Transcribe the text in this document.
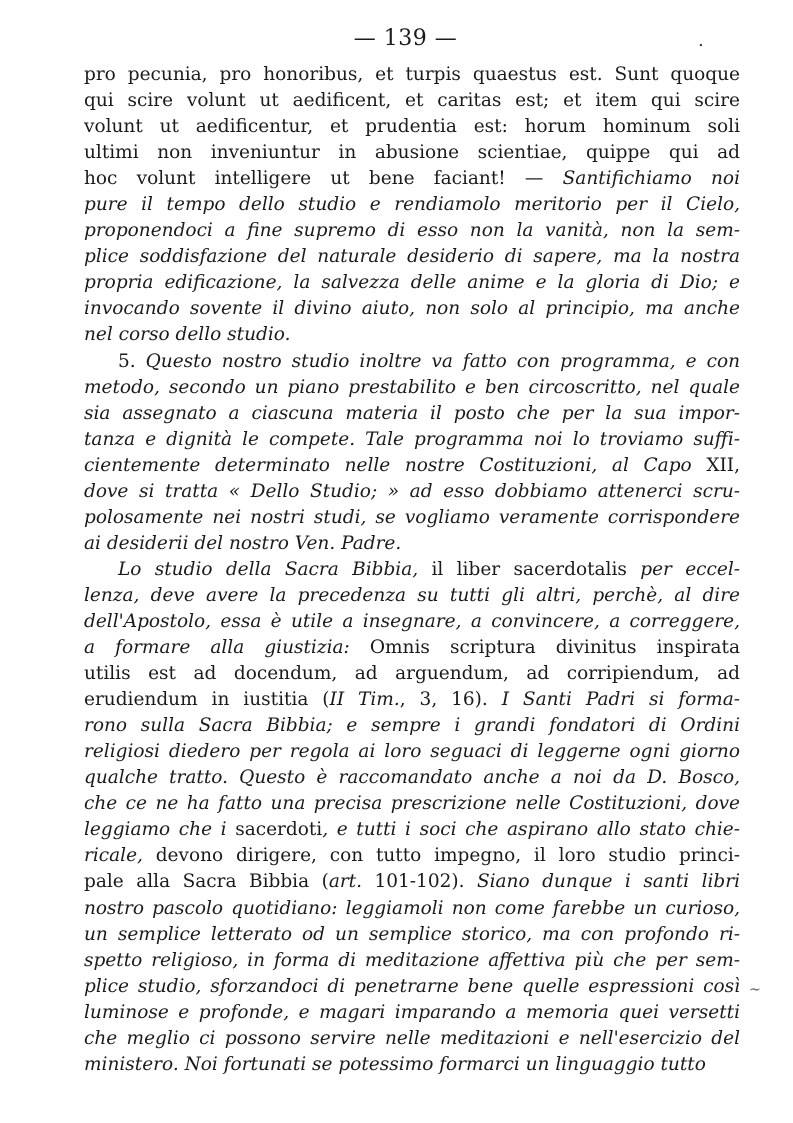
— 139 —	.
pro pecunia, pro honoribus, et turpis quaestus est. Sunt quoque
qui scire volunt ut aedificent, et caritas est; et item qui scire
volunt ut aedificentur, et prudentia est: horum hominum soli
ultimi non inveniuntur in abusione scientiae, quippe qui ad
hoc volunt intelligere ut bene faciant! — Santifichiamo noi
pure il tempo dello studio e rendiamolo meritorio per il Cielo,
proponendoci a fine supremo di esso non la vanità, non la sem-
plice soddisfazione del naturale desiderio di sapere, ma la nostra
propria edificazione, la salvezza delle anime e la gloria di Dio; e
invocando sovente il divino aiuto, non solo al principio, ma anche
nel corso dello studio.
5. Questo nostro studio inoltre va fatto con programma, e con
metodo, secondo un piano prestabilito e ben circoscritto, nel quale
sia assegnato a ciascuna materia il posto che per la sua impor-
tanza e dignità le compete. Tale programma noi lo troviamo suffi-
cientemente determinato nelle nostre Costituzioni, al Capo XII,
dove si tratta « Dello Studio; » ad esso dobbiamo attenerci scru-
polosamente nei nostri studi, se vogliamo veramente corrispondere
ai desiderii del nostro Ven. Padre.
Lo studio della Sacra Bibbia, il liber sacerdotalis per eccel-
lenza, deve avere la precedenza su tutti gli altri, perchè, al dire
dell'Apostolo, essa è utile a insegnare, a convincere, a correggere,
a formare alla giustizia: Omnis scriptura divinitus inspirata
utilis est ad docendum, ad arguendum, ad corripiendum, ad
erudiendum in iustitia (II Tim., 3, 16). I Santi Padri si forma-
rono sulla Sacra Bibbia; e sempre i grandi fondatori di Ordini
religiosi diedero per regola ai loro seguaci di leggerne ogni giorno
qualche tratto. Questo è raccomandato anche a noi da D. Bosco,
che ce ne ha fatto una precisa prescrizione nelle Costituzioni, dove
leggiamo che i sacerdoti, e tutti i soci che aspirano allo stato chie-
ricale, devono dirigere, con tutto impegno, il loro studio princi-
pale alla Sacra Bibbia (art. 101-102). Siano dunque i santi libri
nostro pascolo quotidiano: leggiamoli non come farebbe un curioso,
un semplice letterato od un semplice storico, ma con profondo ri-
spetto religioso, in forma di meditazione affettiva più che per sem-
plice studio, sforzandoci di penetrarne bene quelle espressioni così
luminose e profonde, e magari imparando a memoria quei versetti
che meglio ci possono servire nelle meditazioni e nell'esercizio del
ministero. Noi fortunati se potessimo formarci un linguaggio tutto
~
